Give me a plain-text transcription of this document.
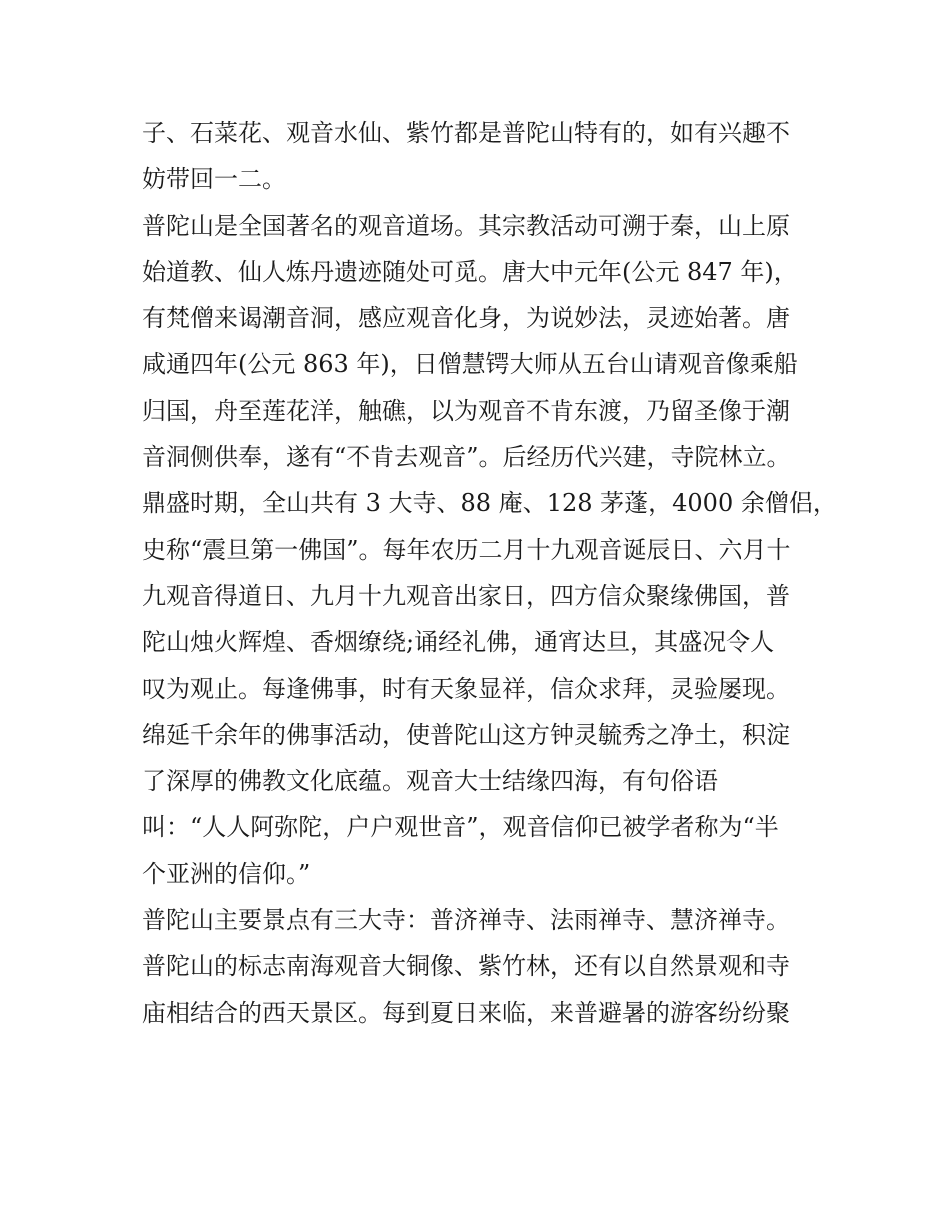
子、石菜花、观音水仙、紫竹都是普陀山特有的，如有兴趣不
妨带回一二。
普陀山是全国著名的观音道场。其宗教活动可溯于秦，山上原
始道教、仙人炼丹遗迹随处可觅。唐大中元年(公元 847 年)，
有梵僧来谒潮音洞，感应观音化身，为说妙法，灵迹始著。唐
咸通四年(公元 863 年)，日僧慧锷大师从五台山请观音像乘船
归国，舟至莲花洋，触礁，以为观音不肯东渡，乃留圣像于潮
音洞侧供奉，遂有“不肯去观音”。后经历代兴建，寺院林立。
鼎盛时期，全山共有 3 大寺、88 庵、128 茅蓬，4000 余僧侣，
史称“震旦第一佛国”。每年农历二月十九观音诞辰日、六月十
九观音得道日、九月十九观音出家日，四方信众聚缘佛国，普
陀山烛火辉煌、香烟缭绕;诵经礼佛，通宵达旦，其盛况令人
叹为观止。每逢佛事，时有天象显祥，信众求拜，灵验屡现。
绵延千余年的佛事活动，使普陀山这方钟灵毓秀之净土，积淀
了深厚的佛教文化底蕴。观音大士结缘四海，有句俗语
叫：“人人阿弥陀，户户观世音”，观音信仰已被学者称为“半
个亚洲的信仰。”
普陀山主要景点有三大寺：普济禅寺、法雨禅寺、慧济禅寺。
普陀山的标志南海观音大铜像、紫竹林，还有以自然景观和寺
庙相结合的西天景区。每到夏日来临，来普避暑的游客纷纷聚
